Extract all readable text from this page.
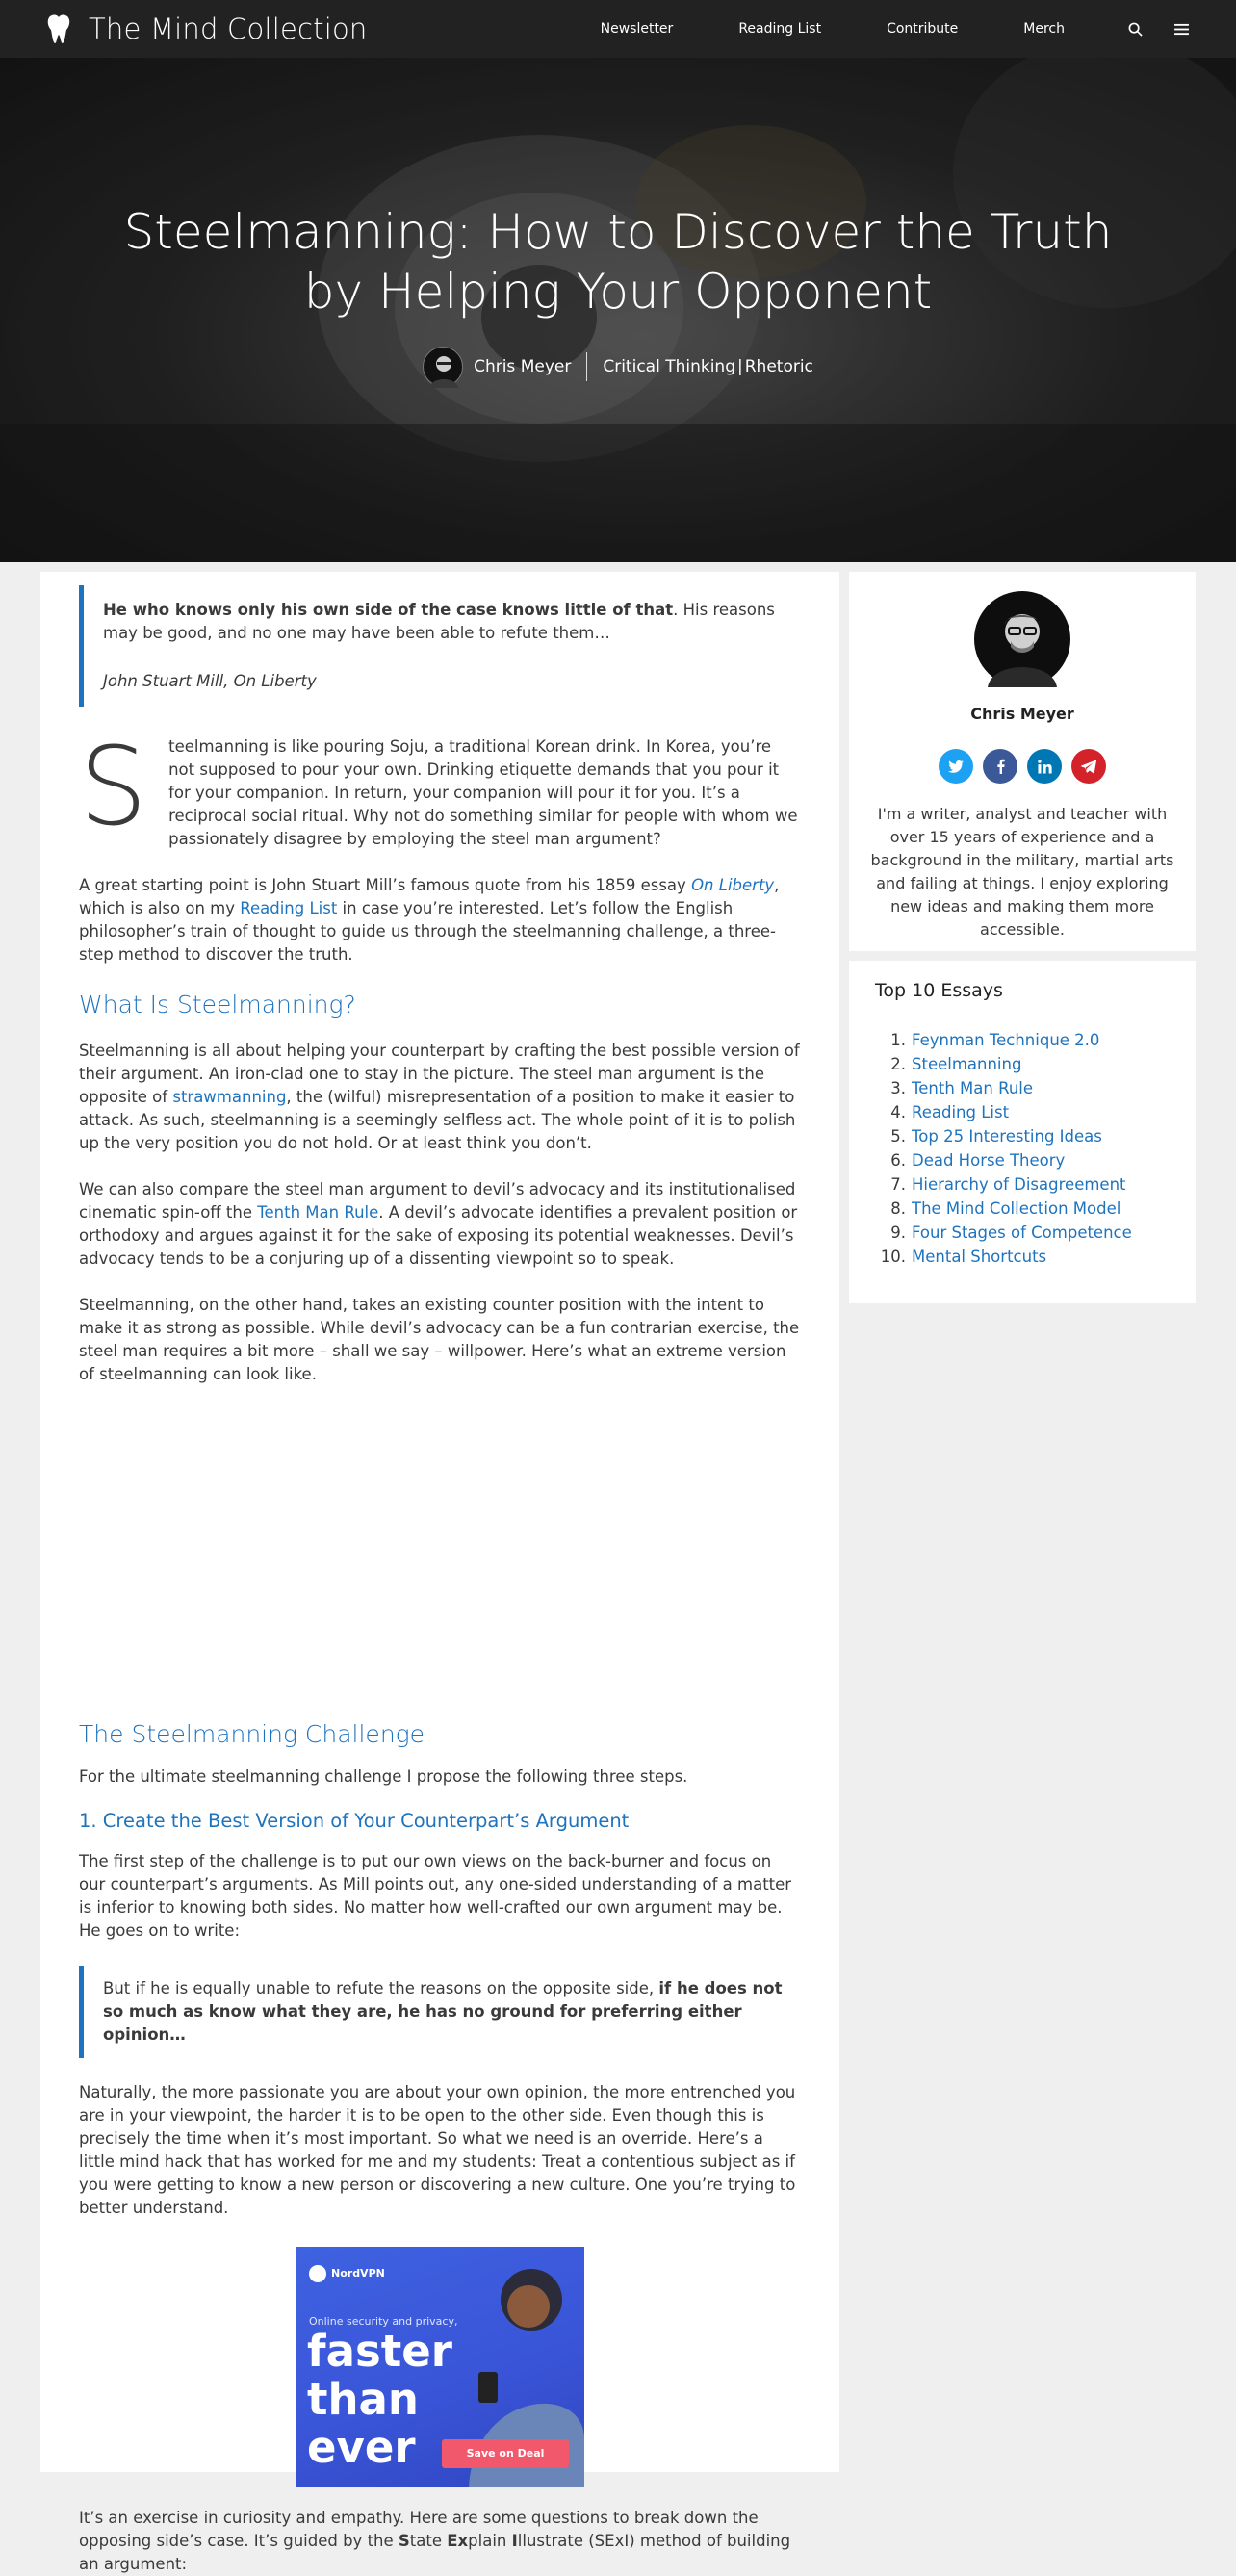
The Mind Collection	Newsletter	Reading List	Contribute	Merch
Steelmanning: How to Discover the Truth by Helping Your Opponent
Chris Meyer Critical Thinking | Rhetoric

He who knows only his own side of the case knows little of that. His reasons may be good, and no one may have been able to refute them…

John Stuart Mill, On Liberty

S teelmanning is like pouring Soju, a traditional Korean drink. In Korea, you’re not supposed to pour your own. Drinking etiquette demands that you pour it for your companion. In return, your companion will pour it for you. It’s a reciprocal social ritual. Why not do something similar for people with whom we passionately disagree by employing the steel man argument?

A great starting point is John Stuart Mill’s famous quote from his 1859 essay On Liberty, which is also on my Reading List in case you’re interested. Let’s follow the English philosopher’s train of thought to guide us through the steelmanning challenge, a three-step method to discover the truth.

What Is Steelmanning?

Steelmanning is all about helping your counterpart by crafting the best possible version of their argument. An iron-clad one to stay in the picture. The steel man argument is the opposite of strawmanning, the (wilful) misrepresentation of a position to make it easier to attack. As such, steelmanning is a seemingly selfless act. The whole point of it is to polish up the very position you do not hold. Or at least think you don’t.

We can also compare the steel man argument to devil’s advocacy and its institutionalised cinematic spin-off the Tenth Man Rule. A devil’s advocate identifies a prevalent position or orthodoxy and argues against it for the sake of exposing its potential weaknesses. Devil’s advocacy tends to be a conjuring up of a dissenting viewpoint so to speak.

Steelmanning, on the other hand, takes an existing counter position with the intent to make it as strong as possible. While devil’s advocacy can be a fun contrarian exercise, the steel man requires a bit more – shall we say – willpower. Here’s what an extreme version of steelmanning can look like.

The Steelmanning Challenge

For the ultimate steelmanning challenge I propose the following three steps.

1. Create the Best Version of Your Counterpart’s Argument

The first step of the challenge is to put our own views on the back-burner and focus on our counterpart’s arguments. As Mill points out, any one-sided understanding of a matter is inferior to knowing both sides. No matter how well-crafted our own argument may be. He goes on to write:

But if he is equally unable to refute the reasons on the opposite side, if he does not so much as know what they are, he has no ground for preferring either opinion…

Naturally, the more passionate you are about your own opinion, the more entrenched you are in your viewpoint, the harder it is to be open to the other side. Even though this is precisely the time when it’s most important. So what we need is an override. Here’s a little mind hack that has worked for me and my students: Treat a contentious subject as if you were getting to know a new person or discovering a new culture. One you’re trying to better understand.

NordVPN
Online security and privacy,
faster
than
ever	Save on Deal

It’s an exercise in curiosity and empathy. Here are some questions to break down the opposing side’s case. It’s guided by the State Explain Illustrate (SExI) method of building an argument:

Chris Meyer

I'm a writer, analyst and teacher with over 15 years of experience and a background in the military, martial arts and failing at things. I enjoy exploring new ideas and making them more accessible.

Top 10 Essays
1. Feynman Technique 2.0
2. Steelmanning
3. Tenth Man Rule
4. Reading List
5. Top 25 Interesting Ideas
6. Dead Horse Theory
7. Hierarchy of Disagreement
8. The Mind Collection Model
9. Four Stages of Competence
10. Mental Shortcuts
